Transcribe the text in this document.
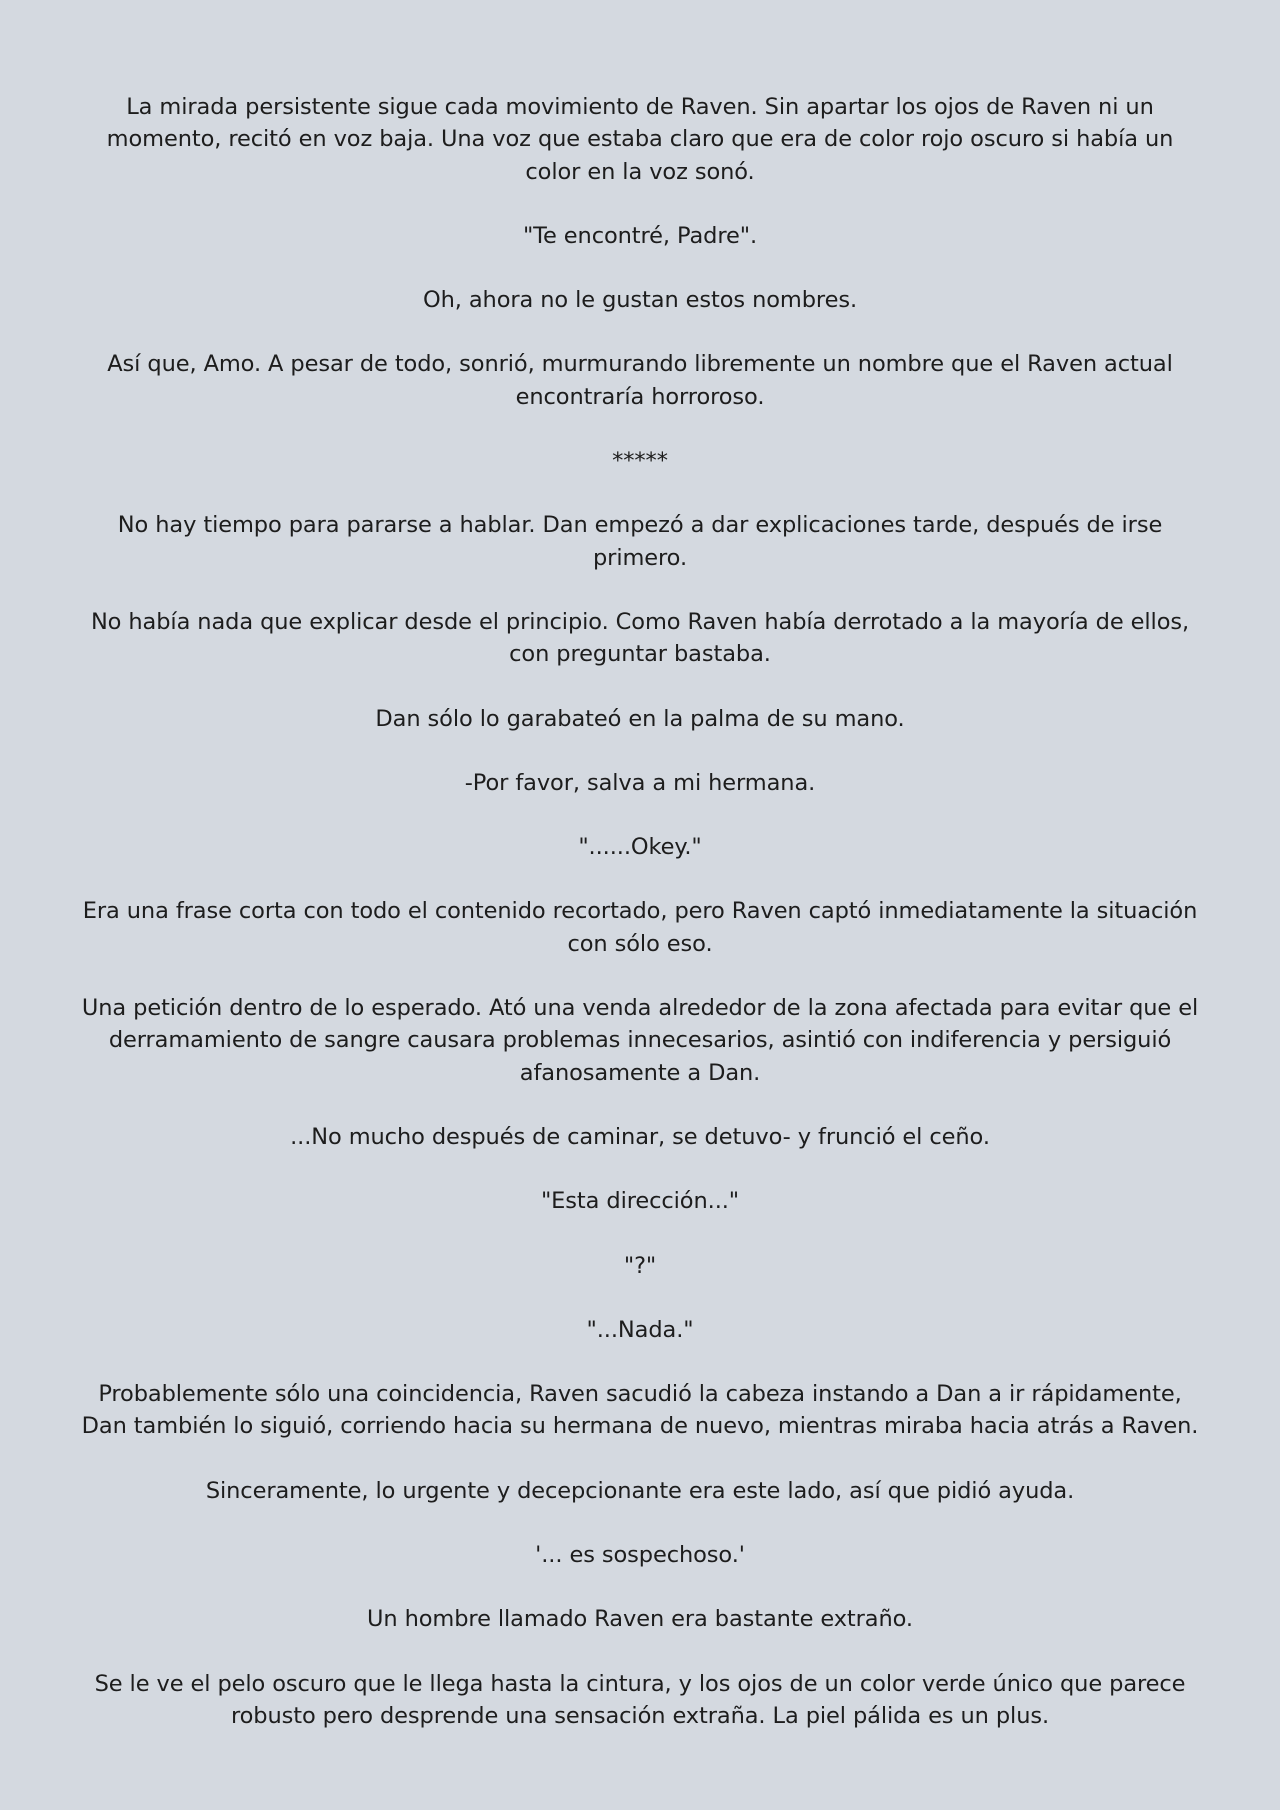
La mirada persistente sigue cada movimiento de Raven. Sin apartar los ojos de Raven ni un momento, recitó en voz baja. Una voz que estaba claro que era de color rojo oscuro si había un color en la voz sonó.

"Te encontré, Padre".

Oh, ahora no le gustan estos nombres.

Así que, Amo. A pesar de todo, sonrió, murmurando libremente un nombre que el Raven actual encontraría horroroso.

*****

No hay tiempo para pararse a hablar. Dan empezó a dar explicaciones tarde, después de irse primero.

No había nada que explicar desde el principio. Como Raven había derrotado a la mayoría de ellos, con preguntar bastaba.

Dan sólo lo garabateó en la palma de su mano.

-Por favor, salva a mi hermana.

"......Okey."

Era una frase corta con todo el contenido recortado, pero Raven captó inmediatamente la situación con sólo eso.

Una petición dentro de lo esperado. Ató una venda alrededor de la zona afectada para evitar que el derramamiento de sangre causara problemas innecesarios, asintió con indiferencia y persiguió afanosamente a Dan.

...No mucho después de caminar, se detuvo- y frunció el ceño.

"Esta dirección..."

"?"

"...Nada."

Probablemente sólo una coincidencia, Raven sacudió la cabeza instando a Dan a ir rápidamente, Dan también lo siguió, corriendo hacia su hermana de nuevo, mientras miraba hacia atrás a Raven.

Sinceramente, lo urgente y decepcionante era este lado, así que pidió ayuda.

'... es sospechoso.'

Un hombre llamado Raven era bastante extraño.

Se le ve el pelo oscuro que le llega hasta la cintura, y los ojos de un color verde único que parece robusto pero desprende una sensación extraña. La piel pálida es un plus.
